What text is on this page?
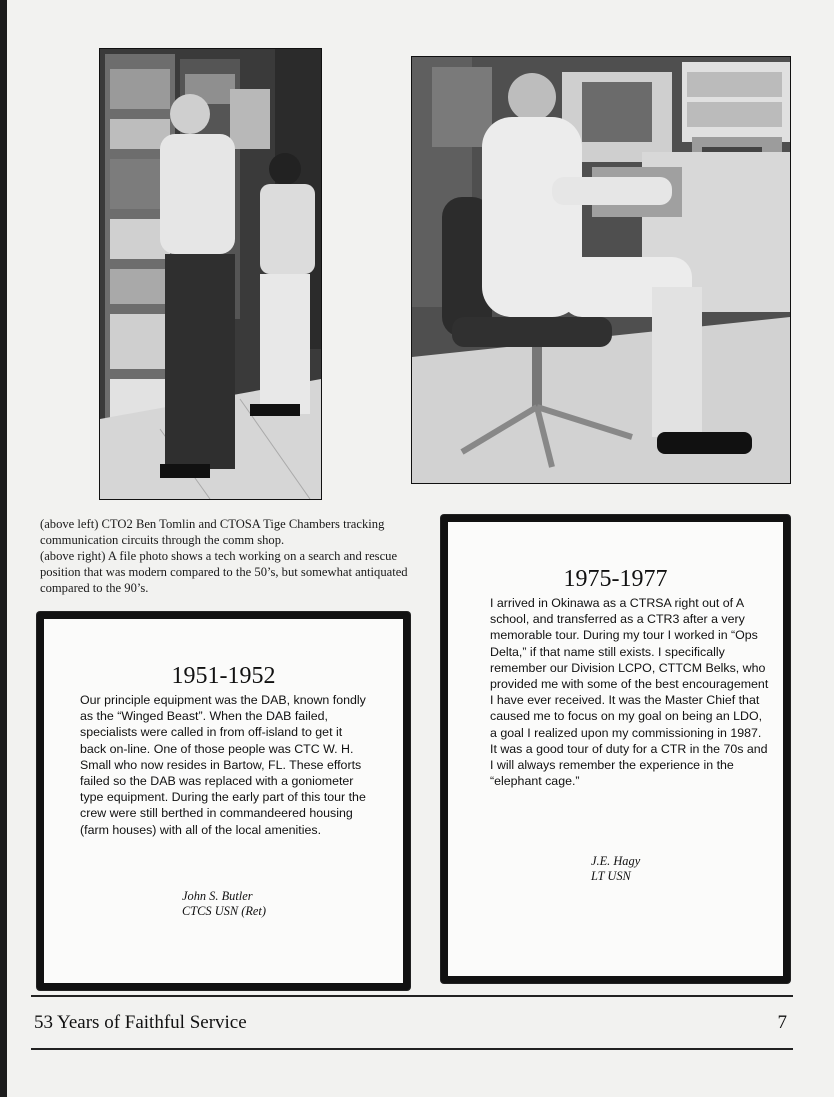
(above left) CTO2 Ben Tomlin and CTOSA Tige Chambers tracking communication circuits through the comm shop.
(above right) A file photo shows a tech working on a search and rescue position that was modern compared to the 50’s, but somewhat antiquated compared to the 90’s.
1951-1952
Our principle equipment was the DAB, known fondly as the “Winged Beast”. When the DAB failed, specialists were called in from off-island to get it back on-line. One of those people was CTC W. H. Small who now resides in Bartow, FL. These efforts failed so the DAB was replaced with a goniometer type equipment. During the early part of this tour the crew were still berthed in commandeered housing (farm houses) with all of the local amenities.
John S. Butler
CTCS USN (Ret)
1975-1977
I arrived in Okinawa as a CTRSA right out of A school, and transferred as a CTR3 after a very memorable tour. During my tour I worked in “Ops Delta,” if that name still exists. I specifically remember our Division LCPO, CTTCM Belks, who provided me with some of the best encouragement I have ever received. It was the Master Chief that caused me to focus on my goal on being an LDO, a goal I realized upon my commissioning in 1987. It was a good tour of duty for a CTR in the 70s and I will always remember the experience in the “elephant cage.”
J.E. Hagy
LT USN
53 Years of Faithful Service	7
